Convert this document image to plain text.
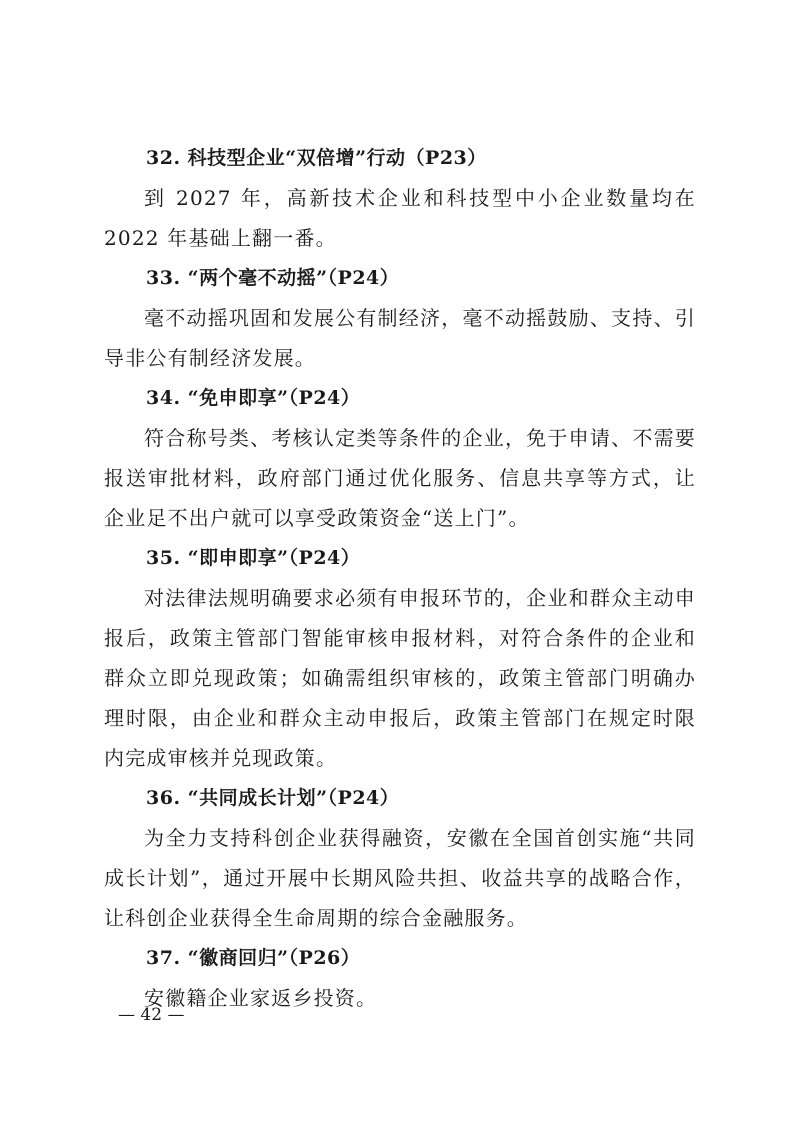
32. 科技型企业“双倍增”行动（P23）

到 2027 年，高新技术企业和科技型中小企业数量均在 2022 年基础上翻一番。

33. “两个毫不动摇”（P24）

毫不动摇巩固和发展公有制经济，毫不动摇鼓励、支持、引导非公有制经济发展。

34. “免申即享”（P24）

符合称号类、考核认定类等条件的企业，免于申请、不需要报送审批材料，政府部门通过优化服务、信息共享等方式，让企业足不出户就可以享受政策资金“送上门”。

35. “即申即享”（P24）

对法律法规明确要求必须有申报环节的，企业和群众主动申报后，政策主管部门智能审核申报材料，对符合条件的企业和群众立即兑现政策；如确需组织审核的，政策主管部门明确办理时限，由企业和群众主动申报后，政策主管部门在规定时限内完成审核并兑现政策。

36. “共同成长计划”（P24）

为全力支持科创企业获得融资，安徽在全国首创实施“共同成长计划”，通过开展中长期风险共担、收益共享的战略合作，让科创企业获得全生命周期的综合金融服务。

37. “徽商回归”（P26）

安徽籍企业家返乡投资。

— 42 —
